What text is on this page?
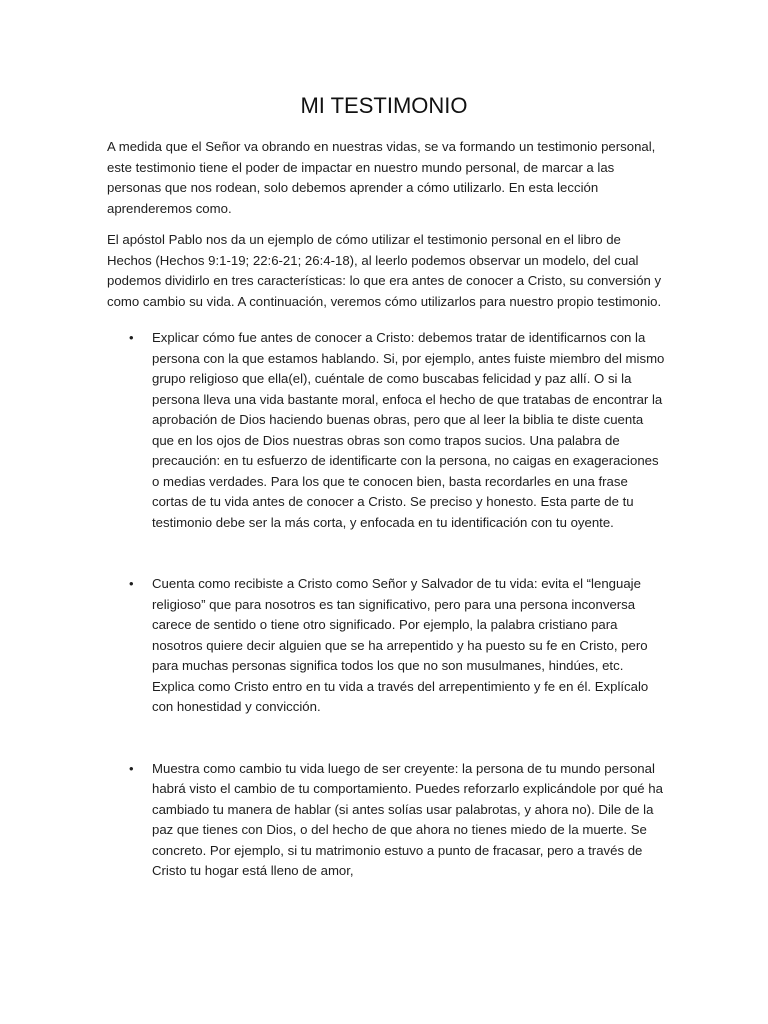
MI TESTIMONIO

A medida que el Señor va obrando en nuestras vidas, se va formando un testimonio personal, este testimonio tiene el poder de impactar en nuestro mundo personal, de marcar a las personas que nos rodean, solo debemos aprender a cómo utilizarlo. En esta lección aprenderemos como.

El apóstol Pablo nos da un ejemplo de cómo utilizar el testimonio personal en el libro de Hechos (Hechos 9:1-19; 22:6-21; 26:4-18), al leerlo podemos observar un modelo, del cual podemos dividirlo en tres características: lo que era antes de conocer a Cristo, su conversión y como cambio su vida. A continuación, veremos cómo utilizarlos para nuestro propio testimonio.

• Explicar cómo fue antes de conocer a Cristo: debemos tratar de identificarnos con la persona con la que estamos hablando. Si, por ejemplo, antes fuiste miembro del mismo grupo religioso que ella(el), cuéntale de como buscabas felicidad y paz allí. O si la persona lleva una vida bastante moral, enfoca el hecho de que tratabas de encontrar la aprobación de Dios haciendo buenas obras, pero que al leer la biblia te diste cuenta que en los ojos de Dios nuestras obras son como trapos sucios. Una palabra de precaución: en tu esfuerzo de identificarte con la persona, no caigas en exageraciones o medias verdades. Para los que te conocen bien, basta recordarles en una frase cortas de tu vida antes de conocer a Cristo. Se preciso y honesto. Esta parte de tu testimonio debe ser la más corta, y enfocada en tu identificación con tu oyente.
• Cuenta como recibiste a Cristo como Señor y Salvador de tu vida: evita el “lenguaje religioso” que para nosotros es tan significativo, pero para una persona inconversa carece de sentido o tiene otro significado. Por ejemplo, la palabra cristiano para nosotros quiere decir alguien que se ha arrepentido y ha puesto su fe en Cristo, pero para muchas personas significa todos los que no son musulmanes, hindúes, etc. Explica como Cristo entro en tu vida a través del arrepentimiento y fe en él. Explícalo con honestidad y convicción.
• Muestra como cambio tu vida luego de ser creyente: la persona de tu mundo personal habrá visto el cambio de tu comportamiento. Puedes reforzarlo explicándole por qué ha cambiado tu manera de hablar (si antes solías usar palabrotas, y ahora no). Dile de la paz que tienes con Dios, o del hecho de que ahora no tienes miedo de la muerte. Se concreto. Por ejemplo, si tu matrimonio estuvo a punto de fracasar, pero a través de Cristo tu hogar está lleno de amor,
